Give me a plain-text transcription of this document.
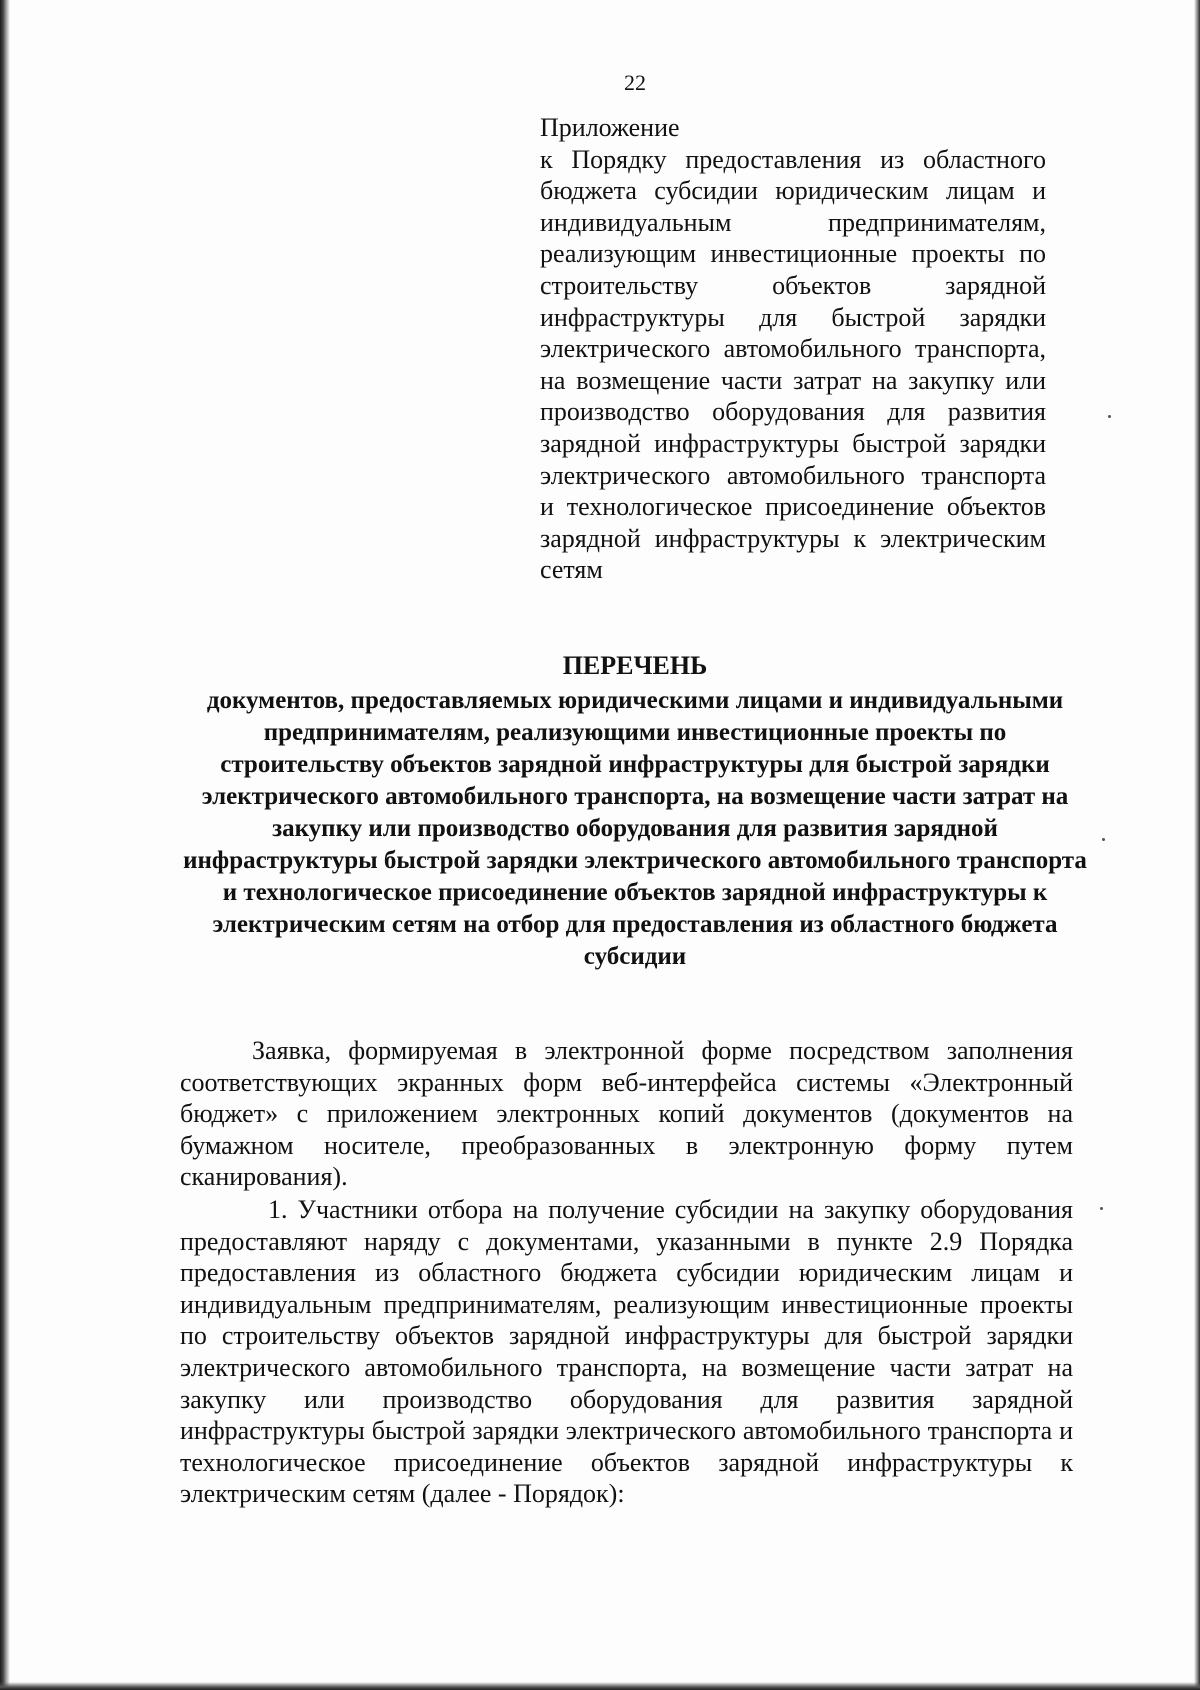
22
Приложение
к Порядку предоставления из областного бюджета субсидии юридическим лицам и индивидуальным предпринимателям, реализующим инвестиционные проекты по строительству объектов зарядной инфраструктуры для быстрой зарядки электрического автомобильного транспорта, на возмещение части затрат на закупку или производство оборудования для развития зарядной инфраструктуры быстрой зарядки электрического автомобильного транспорта и технологическое присоединение объектов зарядной инфраструктуры к электрическим сетям
ПЕРЕЧЕНЬ
документов, предоставляемых юридическими лицами и индивидуальными предпринимателям, реализующими инвестиционные проекты по строительству объектов зарядной инфраструктуры для быстрой зарядки электрического автомобильного транспорта, на возмещение части затрат на закупку или производство оборудования для развития зарядной инфраструктуры быстрой зарядки электрического автомобильного транспорта и технологическое присоединение объектов зарядной инфраструктуры к электрическим сетям на отбор для предоставления из областного бюджета субсидии

Заявка, формируемая в электронной форме посредством заполнения соответствующих экранных форм веб-интерфейса системы «Электронный бюджет» с приложением электронных копий документов (документов на бумажном носителе, преобразованных в электронную форму путем сканирования).

1. Участники отбора на получение субсидии на закупку оборудования предоставляют наряду с документами, указанными в пункте 2.9 Порядка предоставления из областного бюджета субсидии юридическим лицам и индивидуальным предпринимателям, реализующим инвестиционные проекты по строительству объектов зарядной инфраструктуры для быстрой зарядки электрического автомобильного транспорта, на возмещение части затрат на закупку или производство оборудования для развития зарядной инфраструктуры быстрой зарядки электрического автомобильного транспорта и технологическое присоединение объектов зарядной инфраструктуры к электрическим сетям (далее - Порядок):
